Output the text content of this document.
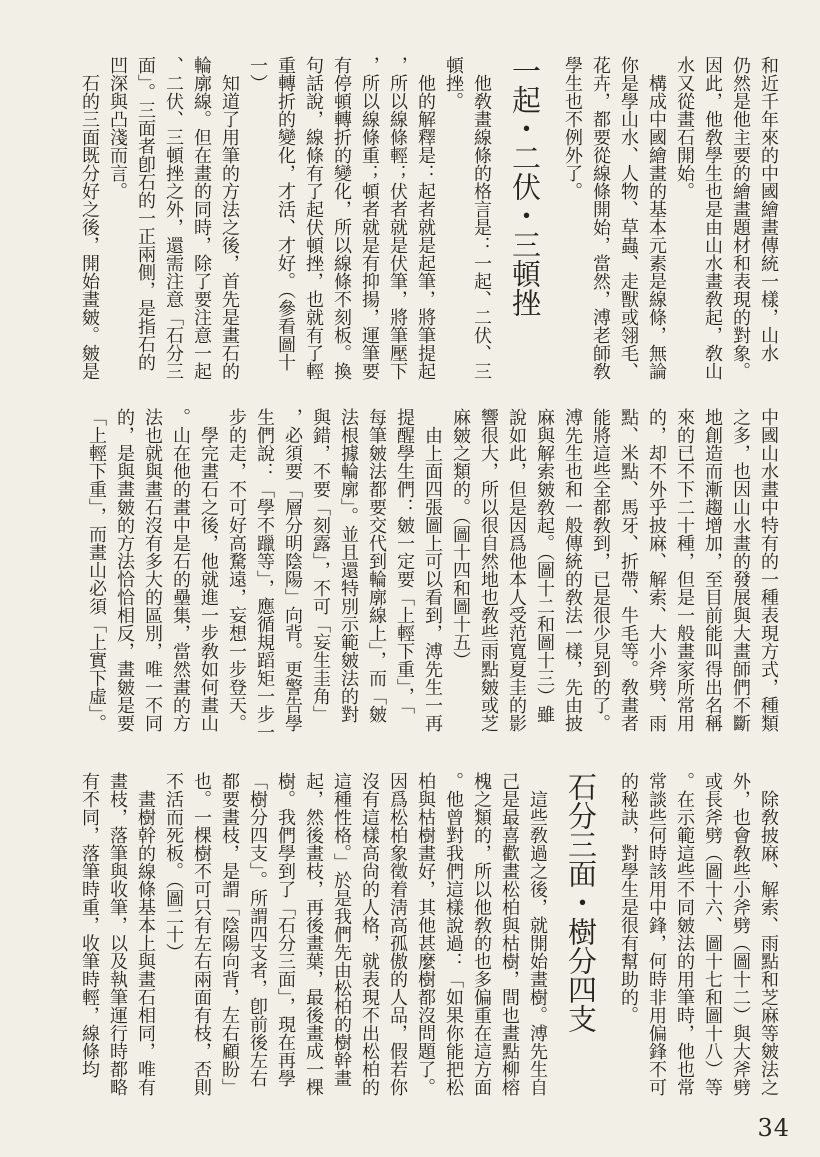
和近千年來的中國繪畫傳統一樣，山水
仍然是他主要的繪畫題材和表現的對象。
因此，他敎學生也是由山水畫敎起，敎山
水又從畫石開始。
　構成中國繪畫的基本元素是線條，無論
你是學山水、人物、草蟲、走獸或翎毛、
花卉，都要從線條開始，當然，溥老師敎
學生也不例外了。
一起・二伏・三頓挫
　他敎畫線條的格言是：一起、二伏、三
頓挫。
　他的解釋是：起者就是起筆，將筆提起
，所以線條輕；伏者就是伏筆，將筆壓下
，所以線條重；頓者就是有抑揚，運筆要
有停頓轉折的變化，所以線條不刻板。換
句話說，線條有了起伏頓挫，也就有了輕
重轉折的變化，才活、才好。（參看圖十
一）
　知道了用筆的方法之後，首先是畫石的
輪廓線。但在畫的同時，除了要注意一起
、二伏、三頓挫之外，還需注意「石分三
面」。三面者卽石的一正兩側，是指石的
凹深與凸淺而言。
　石的三面既分好之後，開始畫皴。皴是
中國山水畫中特有的一種表現方式，種類
之多，也因山水畫的發展與大畫師們不斷
地創造而漸趨增加，至目前能叫得出名稱
來的已不下二十種，但是一般畫家所常用
的，却不外乎披麻、解索、大小斧劈、雨
點、米點、馬牙、折帶、牛毛等。敎畫者
能將這些全都敎到，已是很少見到的了。
溥先生也和一般傳統的敎法一樣，先由披
麻與解索皴敎起。（圖十二和圖十三）雖
說如此，但是因爲他本人受范寬夏圭的影
響很大，所以很自然地也敎些雨點皴或芝
麻皴之類的。（圖十四和圖十五）
　由上面四張圖上可以看到，溥先生一再
提醒學生們：皴一定要「上輕下重」，「
每筆皴法都要交代到輪廓線上」，而「皴
法根據輪廓」。並且還特別示範皴法的對
與錯，不要「刻露」，不可「妄生圭角」
，必須要「層分明陰陽」向背。更警告學
生們說：「學不躐等」，應循規蹈矩一步一
步的走，不可好高騖遠，妄想一步登天。
　學完畫石之後，他就進一步敎如何畫山
。山在他的畫中是石的壘集，當然畫的方
法也就與畫石沒有多大的區別，唯一不同
的，是與畫皴的方法恰恰相反，畫皴是要
「上輕下重」，而畫山必須「上實下虛」。
　除敎披麻、解索、雨點和芝麻等皴法之
外，也會敎些小斧劈（圖十二）與大斧劈
或長斧劈（圖十六、圖十七和圖十八）等
。在示範這些不同皴法的用筆時，他也常
常談些何時該用中鋒，何時非用偏鋒不可
的秘訣，對學生是很有幫助的。
石分三面・樹分四支
　這些敎過之後，就開始畫樹。溥先生自
己是最喜歡畫松柏與枯樹，間也畫點柳榕
槐之類的，所以他敎的也多偏重在這方面
。他曾對我們這樣說過：「如果你能把松
柏與枯樹畫好，其他甚麼樹都沒問題了。
因爲松柏象徵着淸高孤傲的人品，假若你
沒有這樣高尙的人格，就表現不出松柏的
這種性格。」於是我們先由松柏的樹幹畫
起，然後畫枝，再後畫葉，最後畫成一棵
樹。我們學到了「石分三面」，現在再學
「樹分四支」。所謂四支者，卽前後左右
都要畫枝，是謂「陰陽向背，左右顧盼」
也。一棵樹不可只有左右兩面有枝，否則
不活而死板。（圖二十）
　畫樹幹的線條基本上與畫石相同，唯有
畫枝，落筆與收筆，以及執筆運行時都略
有不同，落筆時重，收筆時輕，線條均
34
